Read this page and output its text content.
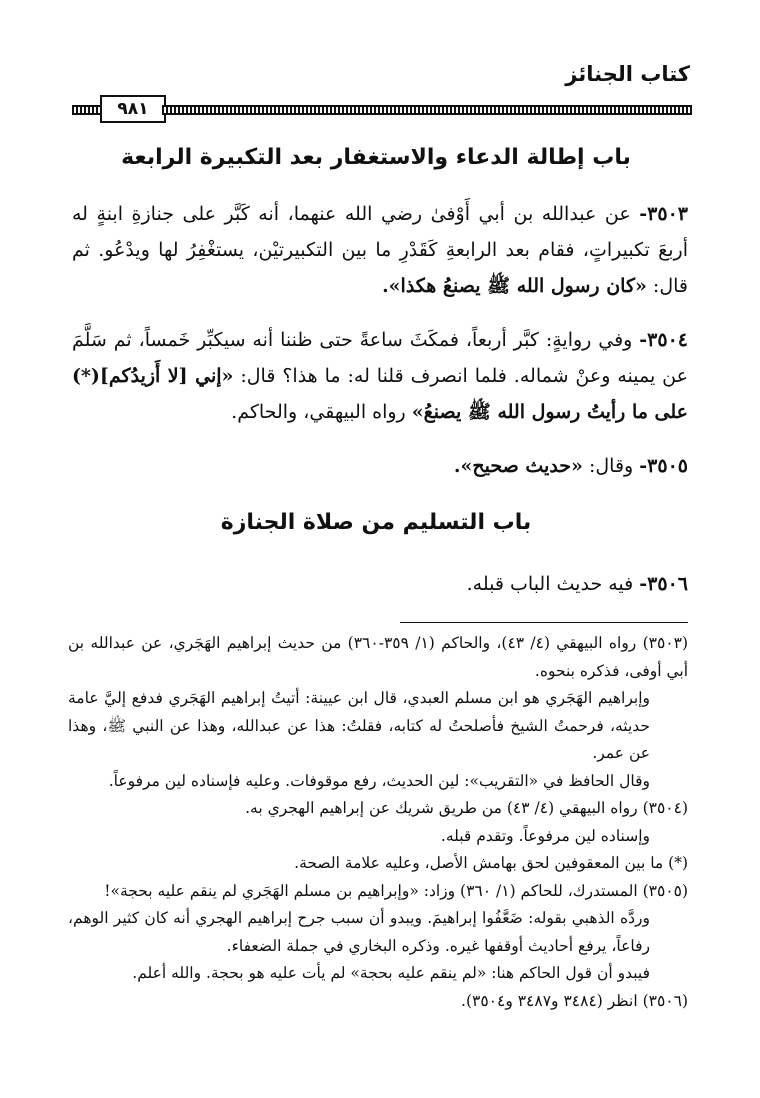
كتاب الجنائز
٩٨١
باب إطالة الدعاء والاستغفار بعد التكبيرة الرابعة

٣٥٠٣- عن عبدالله بن أبي أَوْفىٰ رضي الله عنهما، أنه كَبَّر على جنازةِ ابنةٍ له أربعَ تكبيراتٍ، فقام بعد الرابعةِ كَقَدْرِ ما بين التكبيرتيْن، يستغْفِرُ لها ويدْعُو. ثم قال: «كان رسول الله ﷺ يصنعُ هكذا».

٣٥٠٤- وفي روايةٍ: كبَّر أربعاً، فمكَثَ ساعةً حتى ظننا أنه سيكبِّر خَمساً، ثم سَلَّمَ عن يمينه وعنْ شماله. فلما انصرف قلنا له: ما هذا؟ قال: «إني [لا أَزيدُكم](*) على ما رأيتُ رسول الله ﷺ يصنعُ» رواه البيهقي، والحاكم.

٣٥٠٥- وقال: «حديث صحيح».

باب التسليم من صلاة الجنازة

٣٥٠٦- فيه حديث الباب قبله.

(٣٥٠٣) رواه البيهقي (٤/ ٤٣)، والحاكم (١/ ٣٥٩-٣٦٠) من حديث إبراهيم الهَجَري، عن عبدالله بن أبي أوفى، فذكره بنحوه.

وإبراهيم الهَجَري هو ابن مسلم العبدي، قال ابن عيينة: أتيتُ إبراهيم الهَجَري فدفع إليَّ عامة حديثه، فرحمتُ الشيخ فأصلحتُ له كتابه، فقلتُ: هذا عن عبدالله، وهذا عن النبي ﷺ، وهذا عن عمر.

وقال الحافظ في «التقريب»: لين الحديث، رفع موقوفات. وعليه فإسناده لين مرفوعاً.

(٣٥٠٤) رواه البيهقي (٤/ ٤٣) من طريق شريك عن إبراهيم الهجري به.

وإسناده لين مرفوعاً. وتقدم قبله.

(*) ما بين المعقوفين لحق بهامش الأصل، وعليه علامة الصحة.

(٣٥٠٥) المستدرك، للحاكم (١/ ٣٦٠) وزاد: «وإبراهيم بن مسلم الهَجَري لم ينقم عليه بحجة»!

وردَّه الذهبي بقوله: ضَعَّفُوا إبراهيمَ. ويبدو أن سبب جرح إبراهيم الهجري أنه كان كثير الوهم، رفاعاً، يرفع أحاديث أوقفها غيره. وذكره البخاري في جملة الضعفاء.

فيبدو أن قول الحاكم هنا: «لم ينقم عليه بحجة» لم يأت عليه هو بحجة. والله أعلم.

(٣٥٠٦) انظر (٣٤٨٤ و٣٤٨٧ و٣٥٠٤).
